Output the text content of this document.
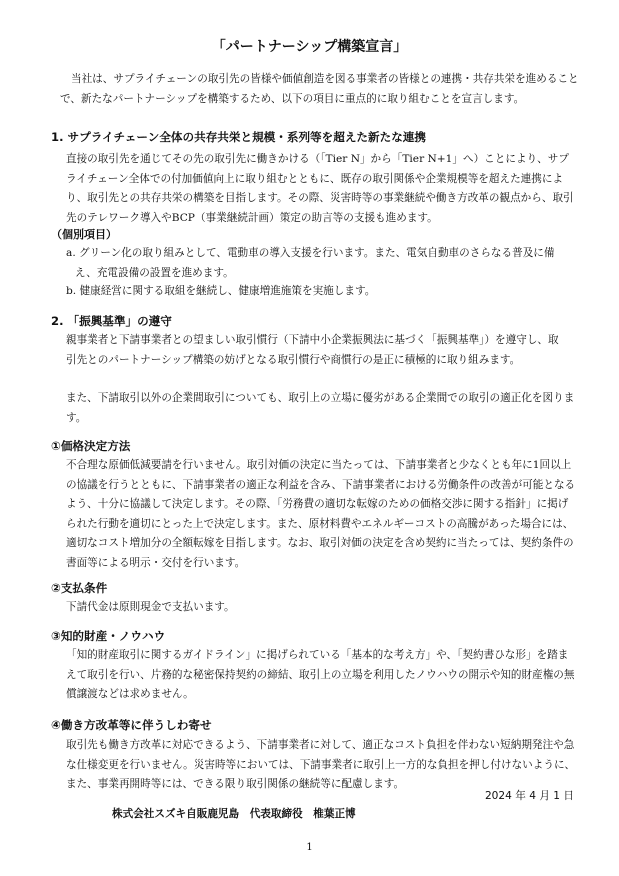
「パートナーシップ構築宣言」

当社は、サプライチェーンの取引先の皆様や価値創造を図る事業者の皆様との連携・共存共栄を進めることで、新たなパートナーシップを構築するため、以下の項目に重点的に取り組むことを宣言します。

1. サプライチェーン全体の共存共栄と規模・系列等を超えた新たな連携

直接の取引先を通じてその先の取引先に働きかける（「Tier N」から「Tier N+1」へ）ことにより、サプライチェーン全体での付加価値向上に取り組むとともに、既存の取引関係や企業規模等を超えた連携により、取引先との共存共栄の構築を目指します。その際、災害時等の事業継続や働き方改革の観点から、取引先のテレワーク導入やBCP（事業継続計画）策定の助言等の支援も進めます。

（個別項目）

a. グリーン化の取り組みとして、電動車の導入支援を行います。また、電気自動車のさらなる普及に備え、充電設備の設置を進めます。

b. 健康経営に関する取組を継続し、健康増進施策を実施します。

2. 「振興基準」の遵守

親事業者と下請事業者との望ましい取引慣行（下請中小企業振興法に基づく「振興基準」）を遵守し、取引先とのパートナーシップ構築の妨げとなる取引慣行や商慣行の是正に積極的に取り組みます。

また、下請取引以外の企業間取引についても、取引上の立場に優劣がある企業間での取引の適正化を図ります。

①価格決定方法

不合理な原価低減要請を行いません。取引対価の決定に当たっては、下請事業者と少なくとも年に1回以上の協議を行うとともに、下請事業者の適正な利益を含み、下請事業者における労働条件の改善が可能となるよう、十分に協議して決定します。その際、「労務費の適切な転嫁のための価格交渉に関する指針」に掲げられた行動を適切にとった上で決定します。また、原材料費やエネルギーコストの高騰があった場合には、適切なコスト増加分の全額転嫁を目指します。なお、取引対価の決定を含め契約に当たっては、契約条件の書面等による明示・交付を行います。

②支払条件

下請代金は原則現金で支払います。

③知的財産・ノウハウ

「知的財産取引に関するガイドライン」に掲げられている「基本的な考え方」や、「契約書ひな形」を踏まえて取引を行い、片務的な秘密保持契約の締結、取引上の立場を利用したノウハウの開示や知的財産権の無償譲渡などは求めません。

④働き方改革等に伴うしわ寄せ

取引先も働き方改革に対応できるよう、下請事業者に対して、適正なコスト負担を伴わない短納期発注や急な仕様変更を行いません。災害時等においては、下請事業者に取引上一方的な負担を押し付けないように、また、事業再開時等には、できる限り取引関係の継続等に配慮します。

2024 年 4 月 1 日
株式会社スズキ自販鹿児島　代表取締役　椎葉正博
1
